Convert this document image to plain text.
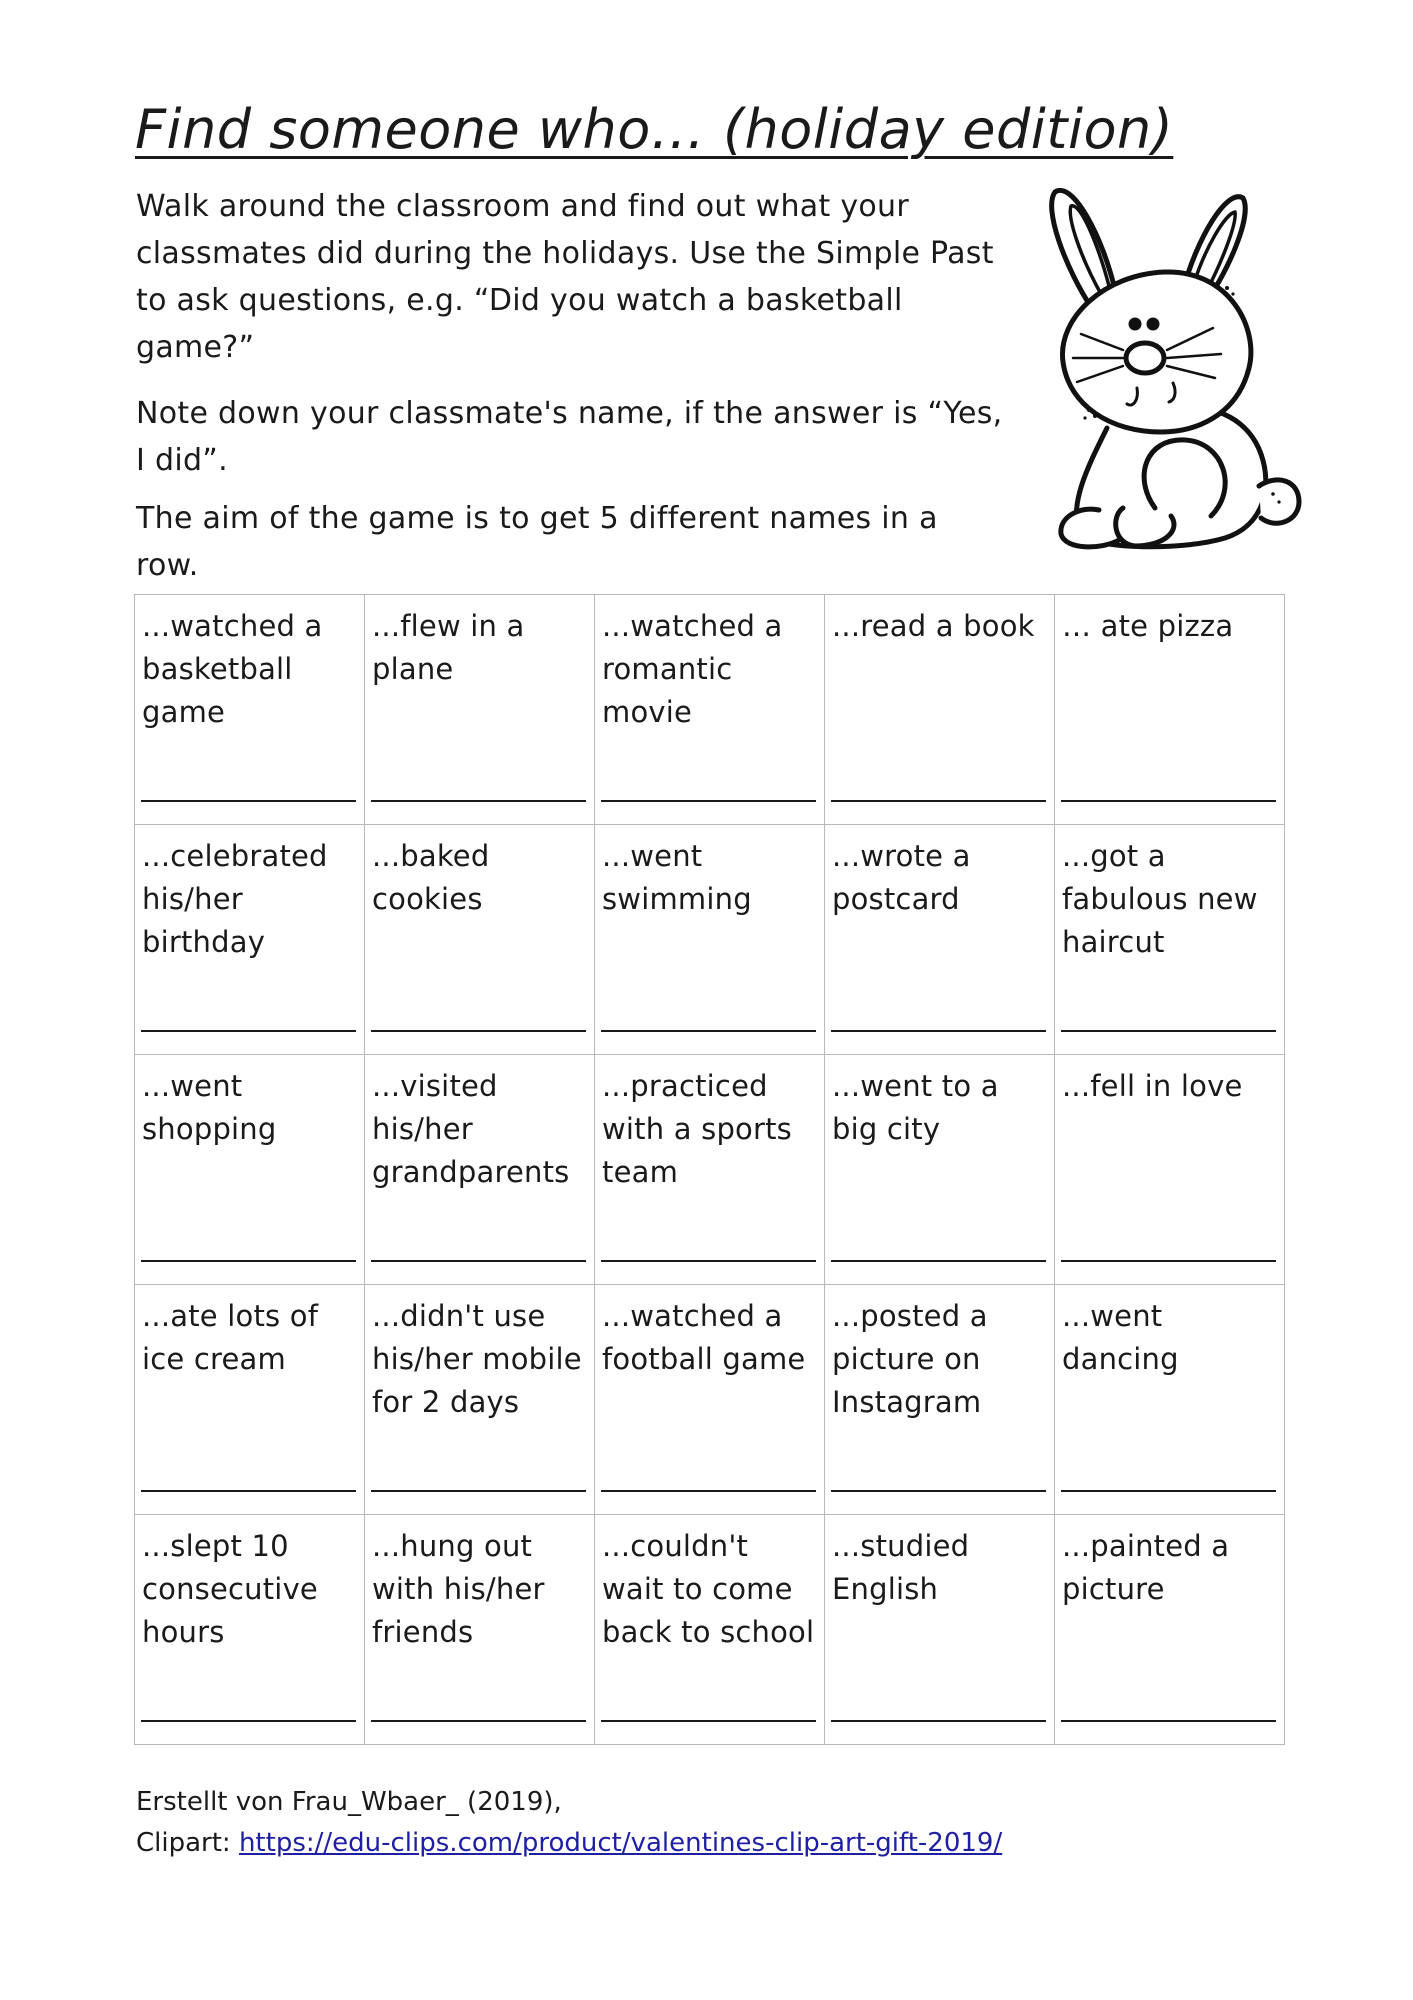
Find someone who… (holiday edition)

Walk around the classroom and find out what your classmates did during the holidays. Use the Simple Past to ask questions, e.g. “Did you watch a basketball game?”

Note down your classmate's name, if the answer is “Yes, I did”.

The aim of the game is to get 5 different names in a row.

...watched a basketball game	...flew in a plane	...watched a romantic movie	...read a book	… ate pizza

...celebrated his/her birthday	...baked cookies	...went swimming	...wrote a postcard	...got a fabulous new haircut

...went shopping	...visited his/her grandparents	...practiced with a sports team	...went to a big city	...fell in love

...ate lots of ice cream	...didn't use his/her mobile for 2 days	...watched a football game	...posted a picture on Instagram	...went dancing

...slept 10 consecutive hours	...hung out with his/her friends	...couldn't wait to come back to school	...studied English	...painted a picture

Erstellt von Frau_Wbaer_ (2019),
Clipart: https://edu-clips.com/product/valentines-clip-art-gift-2019/
